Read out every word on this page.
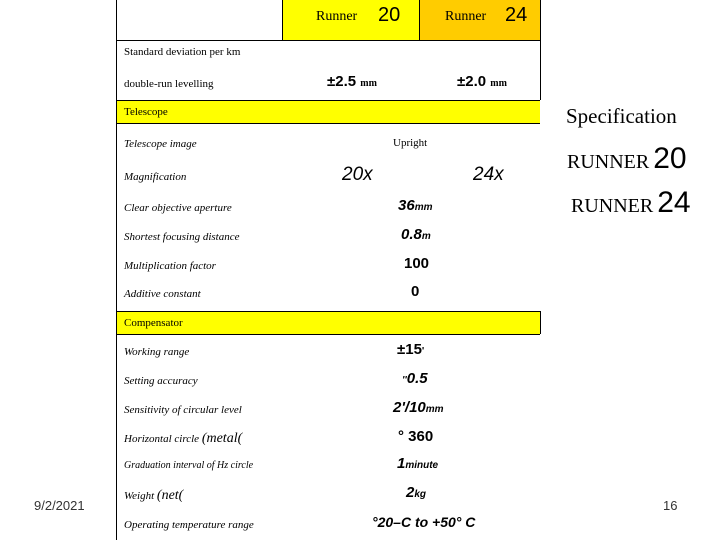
Runner 20	Runner 24
Standard deviation per km
double-run levelling	±2.5 mm	±2.0 mm
Telescope
Telescope image	Upright
Magnification	20x	24x
Clear objective aperture	36mm
Shortest focusing distance	0.8m
Multiplication factor	100
Additive constant	0
Compensator
Working range	±15'
Setting accuracy	''0.5
Sensitivity of circular level	2'/10mm
Horizontal circle (metal(	° 360
Graduation interval of Hz circle	1minute
Weight (net(	2kg
Operating temperature range	°20–C to +50° C
Specification
RUNNER 20
RUNNER 24
9/2/2021	16
